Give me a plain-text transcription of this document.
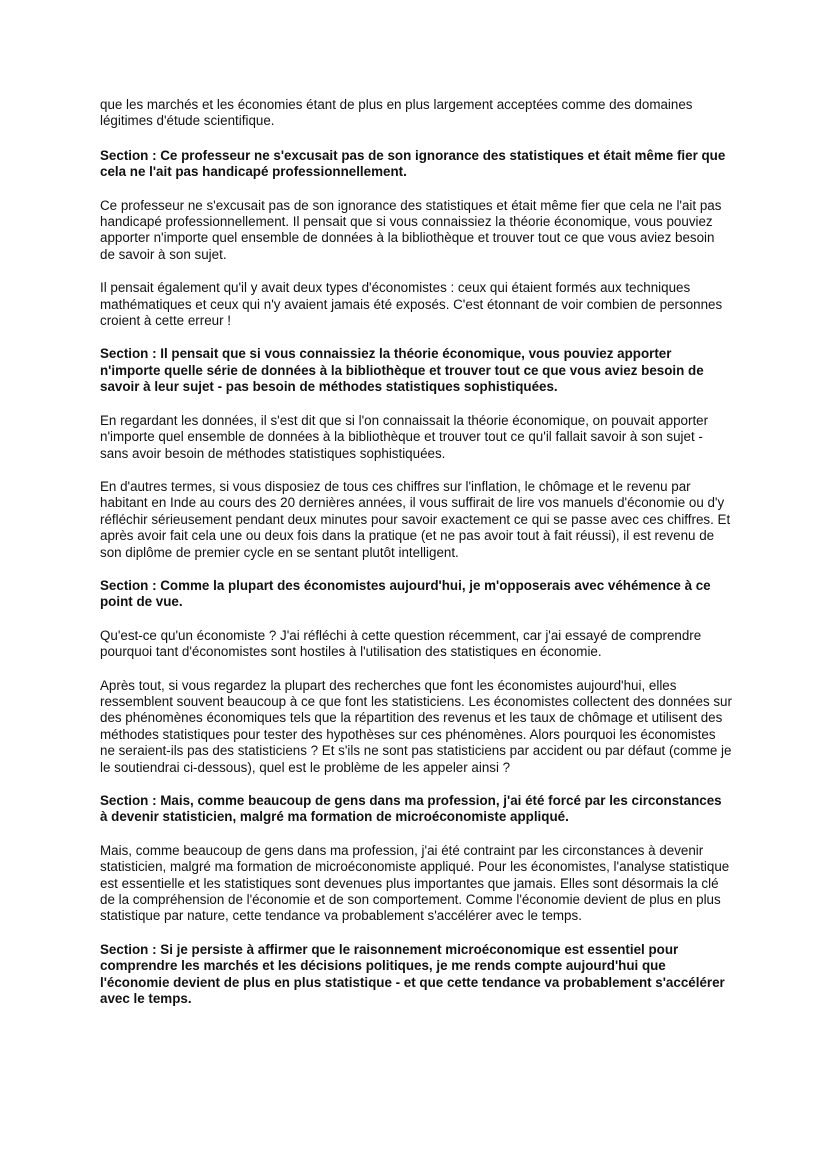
que les marchés et les économies étant de plus en plus largement acceptées comme des domaines légitimes d'étude scientifique.

Section : Ce professeur ne s'excusait pas de son ignorance des statistiques et était même fier que cela ne l'ait pas handicapé professionnellement.

Ce professeur ne s'excusait pas de son ignorance des statistiques et était même fier que cela ne l'ait pas handicapé professionnellement. Il pensait que si vous connaissiez la théorie économique, vous pouviez apporter n'importe quel ensemble de données à la bibliothèque et trouver tout ce que vous aviez besoin de savoir à son sujet.

Il pensait également qu'il y avait deux types d'économistes : ceux qui étaient formés aux techniques mathématiques et ceux qui n'y avaient jamais été exposés. C'est étonnant de voir combien de personnes croient à cette erreur !

Section : Il pensait que si vous connaissiez la théorie économique, vous pouviez apporter n'importe quelle série de données à la bibliothèque et trouver tout ce que vous aviez besoin de savoir à leur sujet - pas besoin de méthodes statistiques sophistiquées.

En regardant les données, il s'est dit que si l'on connaissait la théorie économique, on pouvait apporter n'importe quel ensemble de données à la bibliothèque et trouver tout ce qu'il fallait savoir à son sujet - sans avoir besoin de méthodes statistiques sophistiquées.

En d'autres termes, si vous disposiez de tous ces chiffres sur l'inflation, le chômage et le revenu par habitant en Inde au cours des 20 dernières années, il vous suffirait de lire vos manuels d'économie ou d'y réfléchir sérieusement pendant deux minutes pour savoir exactement ce qui se passe avec ces chiffres. Et après avoir fait cela une ou deux fois dans la pratique (et ne pas avoir tout à fait réussi), il est revenu de son diplôme de premier cycle en se sentant plutôt intelligent.

Section : Comme la plupart des économistes aujourd'hui, je m'opposerais avec véhémence à ce point de vue.

Qu'est-ce qu'un économiste ? J'ai réfléchi à cette question récemment, car j'ai essayé de comprendre pourquoi tant d'économistes sont hostiles à l'utilisation des statistiques en économie.

Après tout, si vous regardez la plupart des recherches que font les économistes aujourd'hui, elles ressemblent souvent beaucoup à ce que font les statisticiens. Les économistes collectent des données sur des phénomènes économiques tels que la répartition des revenus et les taux de chômage et utilisent des méthodes statistiques pour tester des hypothèses sur ces phénomènes. Alors pourquoi les économistes ne seraient-ils pas des statisticiens ? Et s'ils ne sont pas statisticiens par accident ou par défaut (comme je le soutiendrai ci-dessous), quel est le problème de les appeler ainsi ?

Section : Mais, comme beaucoup de gens dans ma profession, j'ai été forcé par les circonstances à devenir statisticien, malgré ma formation de microéconomiste appliqué.

Mais, comme beaucoup de gens dans ma profession, j'ai été contraint par les circonstances à devenir statisticien, malgré ma formation de microéconomiste appliqué. Pour les économistes, l'analyse statistique est essentielle et les statistiques sont devenues plus importantes que jamais. Elles sont désormais la clé de la compréhension de l'économie et de son comportement. Comme l'économie devient de plus en plus statistique par nature, cette tendance va probablement s'accélérer avec le temps.

Section : Si je persiste à affirmer que le raisonnement microéconomique est essentiel pour comprendre les marchés et les décisions politiques, je me rends compte aujourd'hui que l'économie devient de plus en plus statistique - et que cette tendance va probablement s'accélérer avec le temps.
